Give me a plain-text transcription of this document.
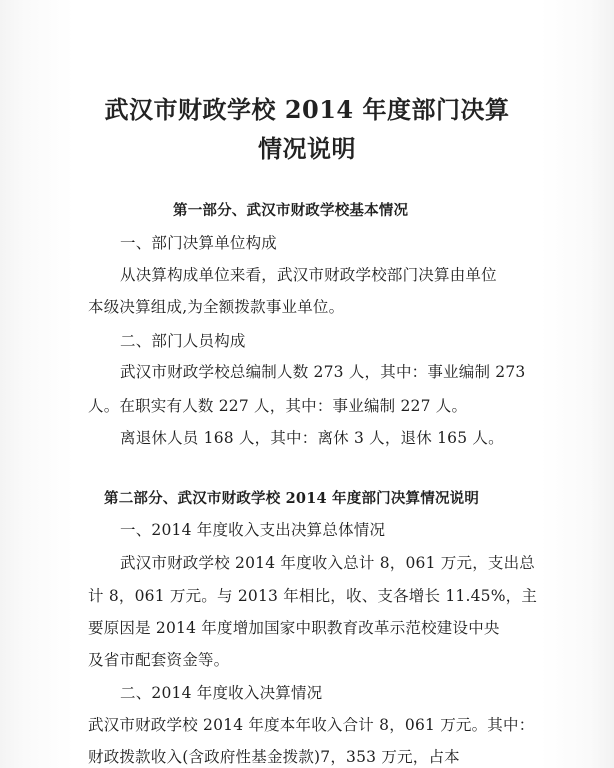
武汉市财政学校 2014 年度部门决算
情况说明
第一部分、武汉市财政学校基本情况
一、部门决算单位构成
从决算构成单位来看，武汉市财政学校部门决算由单位
本级决算组成,为全额拨款事业单位。
二、部门人员构成
武汉市财政学校总编制人数 273 人，其中：事业编制 273
人。在职实有人数 227 人，其中：事业编制 227 人。
离退休人员 168 人，其中：离休 3 人，退休 165 人。
第二部分、武汉市财政学校 2014 年度部门决算情况说明
一、2014 年度收入支出决算总体情况
武汉市财政学校 2014 年度收入总计 8，061 万元，支出总
计 8，061 万元。与 2013 年相比，收、支各增长 11.45%，主
要原因是 2014 年度增加国家中职教育改革示范校建设中央
及省市配套资金等。
二、2014 年度收入决算情况
武汉市财政学校 2014 年度本年收入合计 8，061 万元。其中：
财政拨款收入(含政府性基金拨款)7，353 万元，占本
